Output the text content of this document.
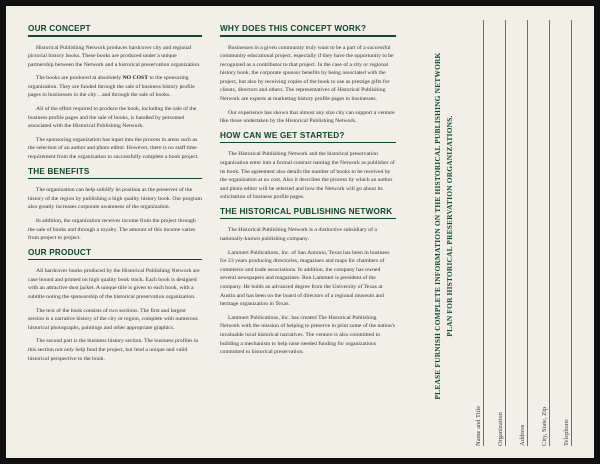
OUR CONCEPT

Historical Publishing Network produces hardcover city and regional pictorial history books. These books are produced under a unique partnership between the Network and a historical preservation organization.

The books are produced at absolutely NO COST to the sponsoring organization. They are funded through the sale of business history profile pages to businesses in the city…and through the sale of books.

All of the effort required to produce the book, including the sale of the business profile pages and the sale of books, is handled by personnel associated with the Historical Publishing Network.

The sponsoring organization has input into the process in areas such as the selection of an author and photo editor. However, there is no staff time requirement from the organization to successfully complete a book project.

THE BENEFITS

The organization can help solidify its position as the preserver of the history of the region by publishing a high quality history book. Our program also greatly increases corporate awareness of the organization.

In addition, the organization receives income from the project through the sale of books and through a royalty. The amount of this income varies from project to project.

OUR PRODUCT

All hardcover books produced by the Historical Publishing Network are case bound and printed on high quality book stock. Each book is designed with an attractive dust jacket. A unique title is given to each book, with a subtitle noting the sponsorship of the historical preservation organization.

The text of the book consists of two sections. The first and largest section is a narrative history of the city or region, complete with numerous historical photographs, paintings and other appropriate graphics.

The second part is the business history section. The business profiles in this section not only help fund the project, but lend a unique and valid historical perspective to the book.

WHY DOES THIS CONCEPT WORK?

Businesses in a given community truly want to be a part of a successful community educational project, especially if they have the opportunity to be recognized as a contributor to that project. In the case of a city or regional history book, the corporate sponsor benefits by being associated with the project, but also by receiving copies of the book to use as prestige gifts for clients, directors and others. The representatives of Historical Publishing Network are experts at marketing history profile pages to businesses.

Our experience has shown that almost any size city can support a venture like those undertaken by the Historical Publishing Network.

HOW CAN WE GET STARTED?

The Historical Publishing Network and the historical preservation organization enter into a formal contract naming the Network as publisher of its book. The agreement also details the number of books to be received by the organization at no cost. Also it describes the process by which an author and photo editor will be selected and how the Network will go about its solicitation of business profile pages.

THE HISTORICAL PUBLISHING NETWORK

The Historical Publishing Network is a distinctive subsidiary of a nationally-known publishing company.

Lammert Publications, Inc. of San Antonio, Texas has been in business for 23 years producing directories, magazines and maps for chambers of commerce and trade associations. In addition, the company has owned several newspapers and magazines. Ron Lammert is president of the company. He holds an advanced degree from the University of Texas at Austin and has been on the board of directors of a regional museum and heritage organization in Texas.

Lammert Publications, Inc. has created The Historical Publishing Network with the mission of helping to preserve in print some of the nation's invaluable local historical narratives. The venture is also committed to building a mechanism to help raise needed funding for organizations committed to historical preservation.	PLEASE FURNISH COMPLETE INFORMATION ON THE HISTORICAL PUBLISHING NETWORK PLAN FOR HISTORICAL PRESERVATION ORGANIZATIONS.
Name and Title Organization Address City, State, Zip Telephone
